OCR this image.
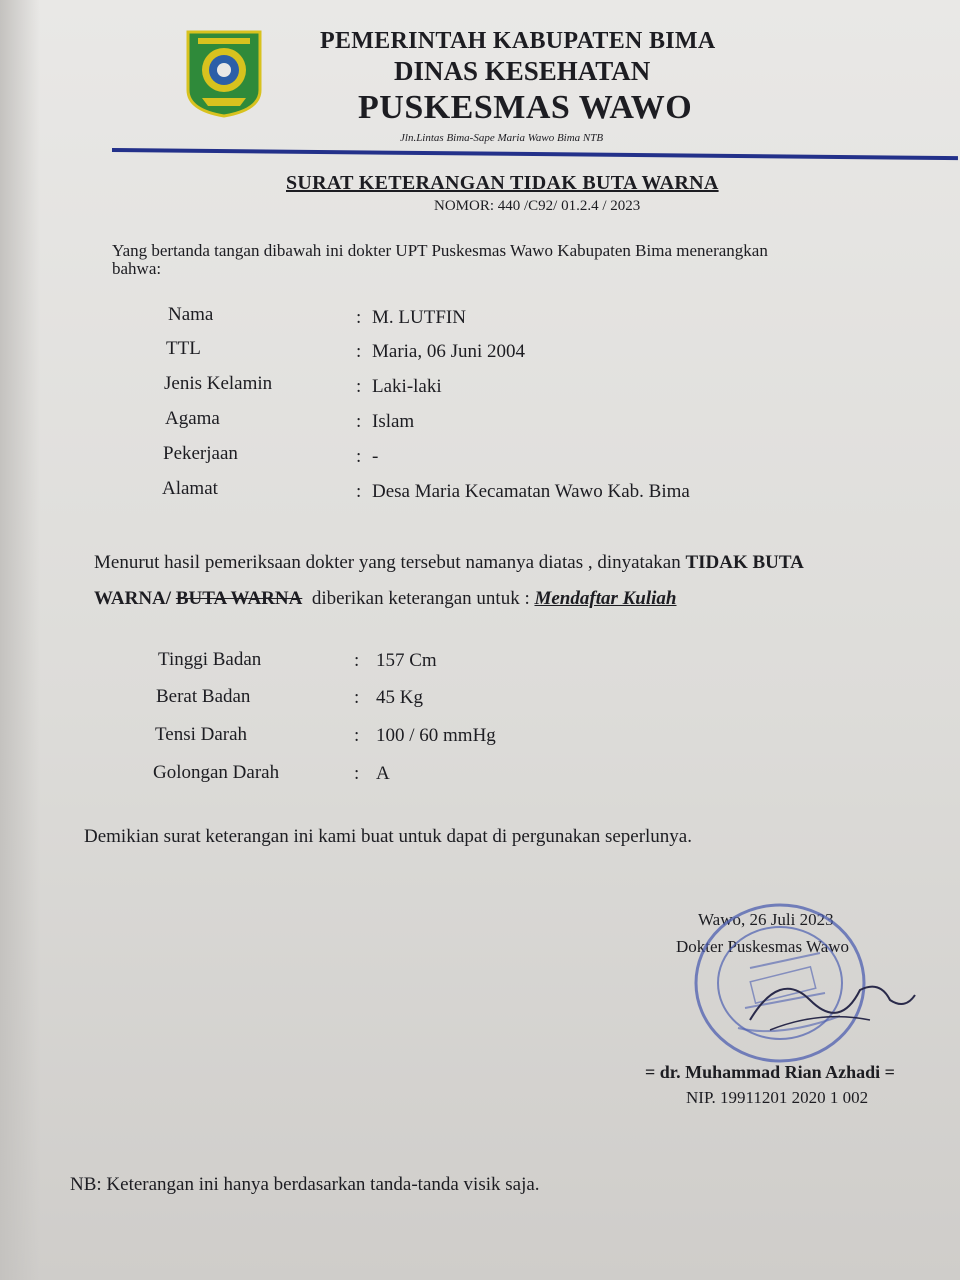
PEMERINTAH KABUPATEN BIMA
DINAS KESEHATAN
PUSKESMAS WAWO
Jln.Lintas Bima-Sape Maria Wawo Bima NTB
SURAT KETERANGAN TIDAK BUTA WARNA
NOMOR: 440 /C92/ 01.2.4 / 2023
Yang bertanda tangan dibawah ini dokter UPT Puskesmas Wawo Kabupaten Bima menerangkan
bahwa:
Nama	: M. LUTFIN
TTL	: Maria, 06 Juni 2004
Jenis Kelamin	: Laki-laki
Agama	: Islam
Pekerjaan	: -
Alamat	: Desa Maria Kecamatan Wawo Kab. Bima
Menurut hasil pemeriksaan dokter yang tersebut namanya diatas , dinyatakan TIDAK BUTA
WARNA/ BUTA WARNA  diberikan keterangan untuk : Mendaftar Kuliah
Tinggi Badan	: 157 Cm
Berat Badan	: 45 Kg
Tensi Darah	: 100 / 60 mmHg
Golongan Darah	: A
Demikian surat keterangan ini kami buat untuk dapat di pergunakan seperlunya.
Wawo, 26 Juli 2023
Dokter Puskesmas Wawo
= dr. Muhammad Rian Azhadi =
NIP. 19911201 2020 1 002
NB: Keterangan ini hanya berdasarkan tanda-tanda visik saja.
